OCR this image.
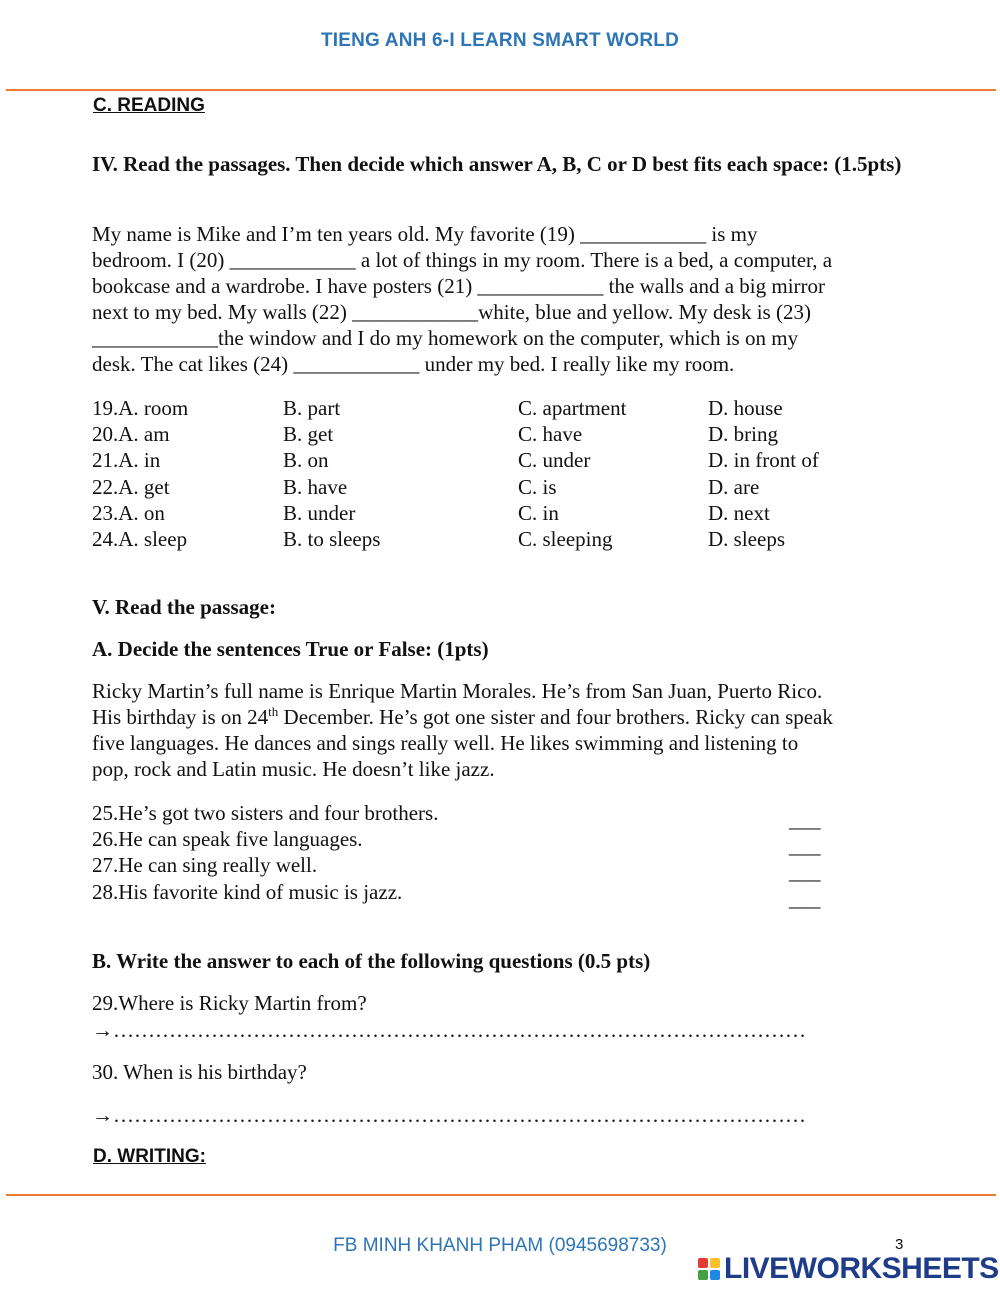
TIENG ANH 6-I LEARN SMART WORLD
C. READING
IV. Read the passages. Then decide which answer A, B, C or D best fits each space: (1.5pts)
My name is Mike and I’m ten years old. My favorite (19) ____________ is my
bedroom. I (20) ____________ a lot of things in my room. There is a bed, a computer, a
bookcase and a wardrobe. I have posters (21) ____________ the walls and a big mirror
next to my bed. My walls (22) ____________white, blue and yellow. My desk is (23)
____________the window and I do my homework on the computer, which is on my
desk. The cat likes (24) ____________ under my bed. I really like my room.
19.A. room	B. part	C. apartment	D. house
20.A. am	B. get	C. have	D. bring
21.A. in	B. on	C. under	D. in front of
22.A. get	B. have	C. is	D. are
23.A. on	B. under	C. in	D. next
24.A. sleep	B. to sleeps	C. sleeping	D. sleeps
V. Read the passage:
A. Decide the sentences True or False: (1pts)
Ricky Martin’s full name is Enrique Martin Morales. He’s from San Juan, Puerto Rico.
His birthday is on 24th December. He’s got one sister and four brothers. Ricky can speak
five languages. He dances and sings really well. He likes swimming and listening to
pop, rock and Latin music. He doesn’t like jazz.
25.He’s got two sisters and four brothers.	___
26.He can speak five languages.	___
27.He can sing really well.	___
28.His favorite kind of music is jazz.	___
B. Write the answer to each of the following questions (0.5 pts)
29.Where is Ricky Martin from?
→………………………………………………………………………………………
30. When is his birthday?
→………………………………………………………………………………………
D. WRITING:
FB MINH KHANH PHAM (0945698733)	3
LIVEWORKSHEETS
